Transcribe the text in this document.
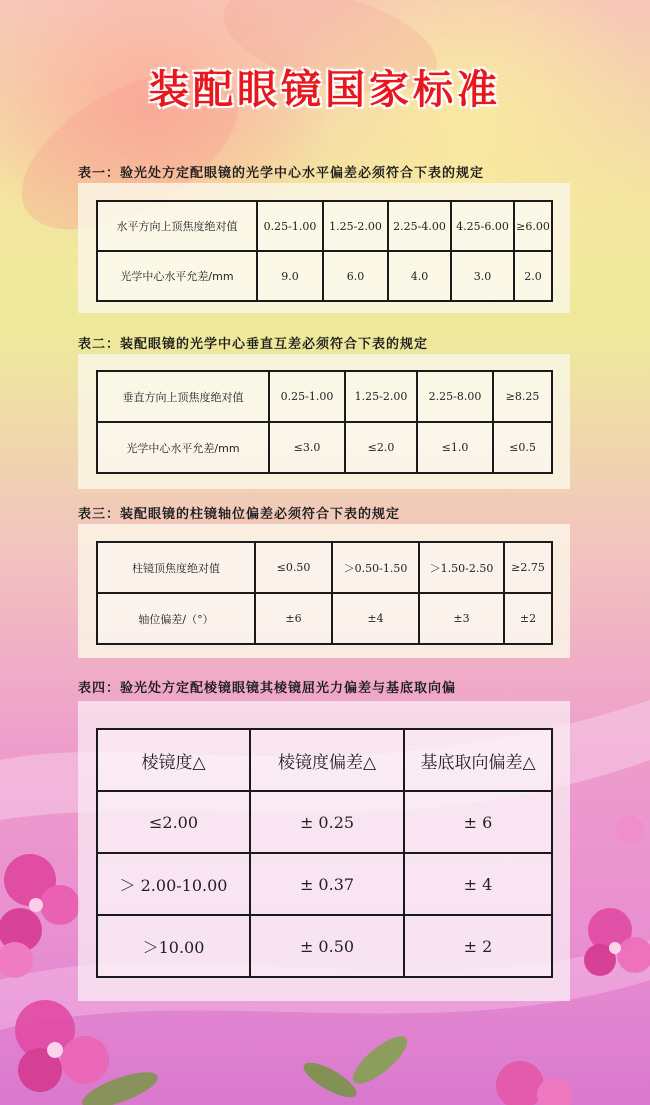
装配眼镜国家标准
表一：验光处方定配眼镜的光学中心水平偏差必须符合下表的规定
水平方向上顶焦度绝对值	0.25-1.00	1.25-2.00	2.25-4.00	4.25-6.00	≥6.00
光学中心水平允差/mm	9.0	6.0	4.0	3.0	2.0
表二：装配眼镜的光学中心垂直互差必须符合下表的规定
垂直方向上顶焦度绝对值	0.25-1.00	1.25-2.00	2.25-8.00	≥8.25
光学中心水平允差/mm	≤3.0	≤2.0	≤1.0	≤0.5
表三：装配眼镜的柱镜轴位偏差必须符合下表的规定
柱镜顶焦度绝对值	≤0.50	＞0.50-1.50	＞1.50-2.50	≥2.75
轴位偏差/（°）	±6	±4	±3	±2
表四：验光处方定配棱镜眼镜其棱镜屈光力偏差与基底取向偏
棱镜度△	棱镜度偏差△	基底取向偏差△
≤2.00	± 0.25	± 6
＞ 2.00-10.00	± 0.37	± 4
＞10.00	± 0.50	± 2
